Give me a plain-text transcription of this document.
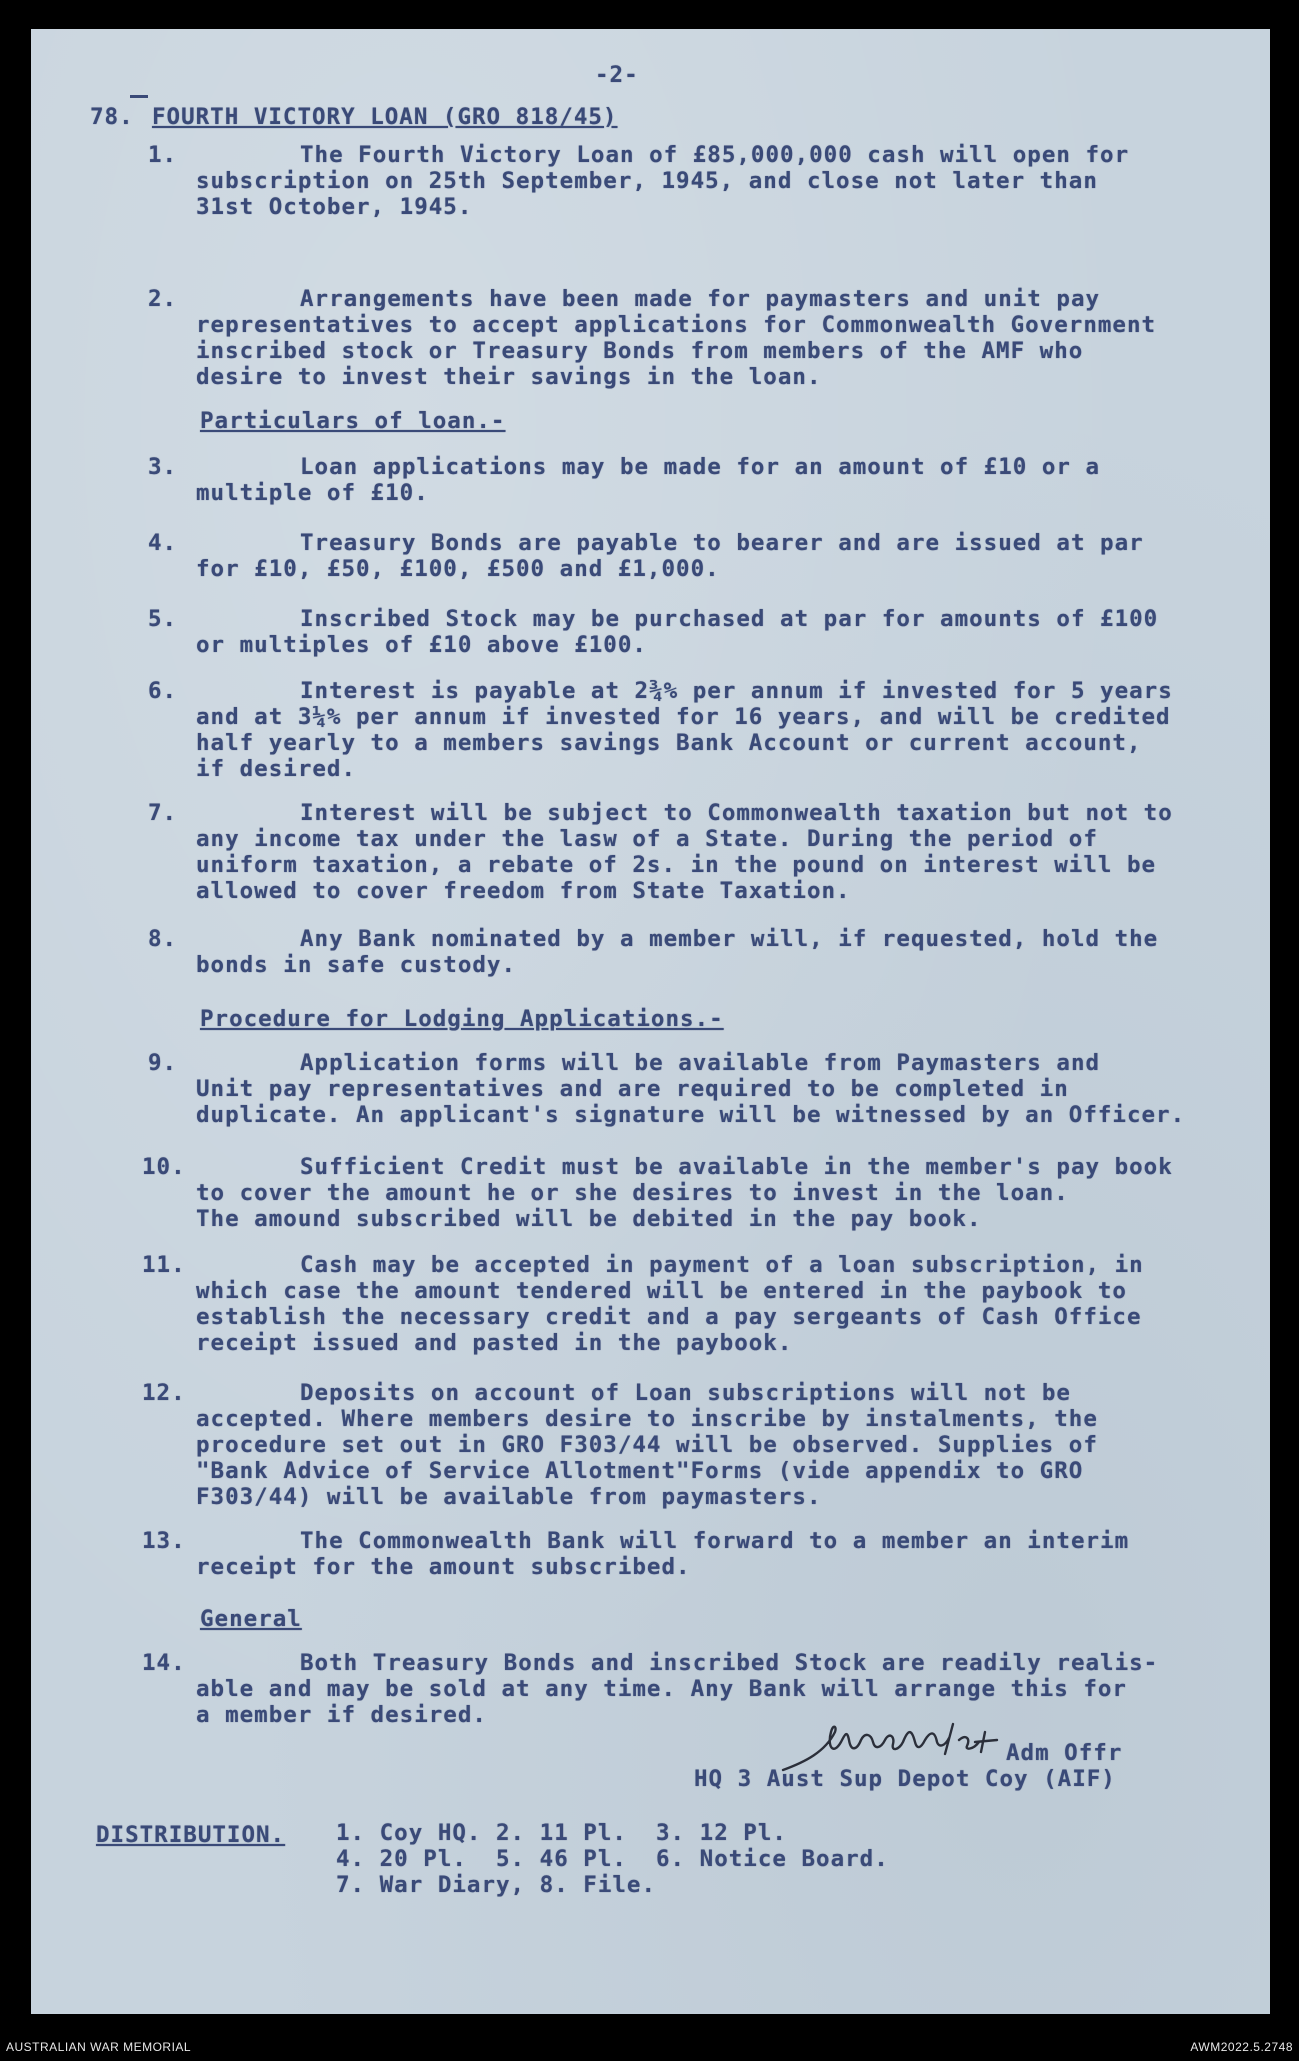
-2-
78. FOURTH VICTORY LOAN (GRO 818/45)
Particulars of loan.-
Procedure for Lodging Applications.-
General
1.	The Fourth Victory Loan of £85,000,000 cash will open for
subscription on 25th September, 1945, and close not later than
31st October, 1945.
2.	Arrangements have been made for paymasters and unit pay
representatives to accept applications for Commonwealth Government
inscribed stock or Treasury Bonds from members of the AMF who
desire to invest their savings in the loan.
3.	Loan applications may be made for an amount of £10 or a
multiple of £10.
4.	Treasury Bonds are payable to bearer and are issued at par
for £10, £50, £100, £500 and £1,000.
5.	Inscribed Stock may be purchased at par for amounts of £100
or multiples of £10 above £100.
6.	Interest is payable at 2¾% per annum if invested for 5 years
and at 3¼% per annum if invested for 16 years, and will be credited
half yearly to a members savings Bank Account or current account,
if desired.
7.	Interest will be subject to Commonwealth taxation but not to
any income tax under the lasw of a State. During the period of
uniform taxation, a rebate of 2s. in the pound on interest will be
allowed to cover freedom from State Taxation.
8.	Any Bank nominated by a member will, if requested, hold the
bonds in safe custody.
9.	Application forms will be available from Paymasters and
Unit pay representatives and are required to be completed in
duplicate. An applicant's signature will be witnessed by an Officer.
10.	Sufficient Credit must be available in the member's pay book
to cover the amount he or she desires to invest in the loan.
The amound subscribed will be debited in the pay book.
11.	Cash may be accepted in payment of a loan subscription, in
which case the amount tendered will be entered in the paybook to
establish the necessary credit and a pay sergeants of Cash Office
receipt issued and pasted in the paybook.
12.	Deposits on account of Loan subscriptions will not be
accepted. Where members desire to inscribe by instalments, the
procedure set out in GRO F303/44 will be observed. Supplies of
"Bank Advice of Service Allotment"Forms (vide appendix to GRO
F303/44) will be available from paymasters.
13.	The Commonwealth Bank will forward to a member an interim
receipt for the amount subscribed.
14.	Both Treasury Bonds and inscribed Stock are readily realis-
able and may be sold at any time. Any Bank will arrange this for
a member if desired.
Adm Offr
HQ 3 Aust Sup Depot Coy (AIF)
DISTRIBUTION. 1. Coy HQ. 2. 11 Pl.  3. 12 Pl.
4. 20 Pl.  5. 46 Pl.  6. Notice Board.
7. War Diary, 8. File.
AUSTRALIAN WAR MEMORIAL	AWM2022.5.2748
